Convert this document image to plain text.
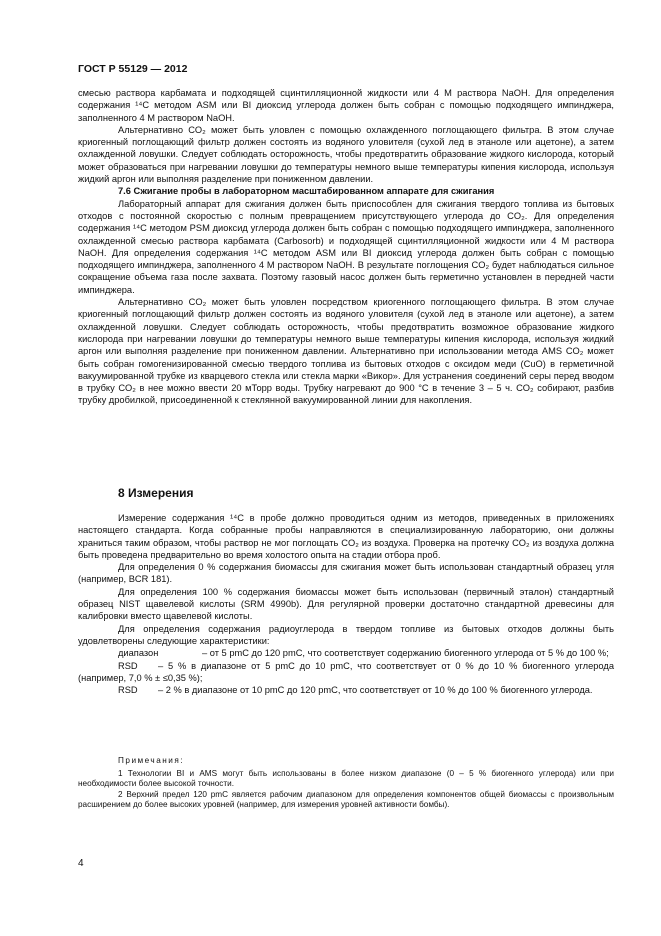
ГОСТ Р 55129 — 2012

смесью раствора карбамата и подходящей сцинтилляционной жидкости или 4 М раствора NaOH. Для определения содержания ¹⁴C методом ASM или BI диоксид углерода должен быть собран с помощью подходящего импинджера, заполненного 4 М раствором NaOH.

Альтернативно CO₂ может быть уловлен с помощью охлажденного поглощающего фильтра. В этом случае криогенный поглощающий фильтр должен состоять из водяного уловителя (сухой лед в этаноле или ацетоне), а затем охлажденной ловушки. Следует соблюдать осторожность, чтобы предотвратить образование жидкого кислорода, который может образоваться при нагревании ловушки до температуры немного выше температуры кипения кислорода, используя жидкий аргон или выполняя разделение при пониженном давлении.

7.6 Сжигание пробы в лабораторном масштабированном аппарате для сжигания

Лабораторный аппарат для сжигания должен быть приспособлен для сжигания твердого топлива из бытовых отходов с постоянной скоростью с полным превращением присутствующего углерода до CO₂. Для определения содержания ¹⁴C методом PSM диоксид углерода должен быть собран с помощью подходящего импинджера, заполненного охлажденной смесью раствора карбамата (Carbosorb) и подходящей сцинтилляционной жидкости или 4 М раствора NaOH. Для определения содержания ¹⁴C методом ASM или BI диоксид углерода должен быть собран с помощью подходящего импинджера, заполненного 4 М раствором NaOH. В результате поглощения CO₂ будет наблюдаться сильное сокращение объема газа после захвата. Поэтому газовый насос должен быть герметично установлен в передней части импинджера.

Альтернативно CO₂ может быть уловлен посредством криогенного поглощающего фильтра. В этом случае криогенный поглощающий фильтр должен состоять из водяного уловителя (сухой лед в этаноле или ацетоне), а затем охлажденной ловушки. Следует соблюдать осторожность, чтобы предотвратить возможное образование жидкого кислорода при нагревании ловушки до температуры немного выше температуры кипения кислорода, используя жидкий аргон или выполняя разделение при пониженном давлении. Альтернативно при использовании метода AMS CO₂ может быть собран гомогенизированной смесью твердого топлива из бытовых отходов с оксидом меди (CuO) в герметичной вакуумированной трубке из кварцевого стекла или стекла марки «Викор». Для устранения соединений серы перед вводом в трубку CO₂ в нее можно ввести 20 мТорр воды. Трубку нагревают до 900 °С в течение 3 – 5 ч. CO₂ собирают, разбив трубку дробилкой, присоединенной к стеклянной вакуумированной линии для накопления.

8 Измерения

Измерение содержания ¹⁴C в пробе должно проводиться одним из методов, приведенных в приложениях настоящего стандарта. Когда собранные пробы направляются в специализированную лабораторию, они должны храниться таким образом, чтобы раствор не мог поглощать CO₂ из воздуха. Проверка на протечку CO₂ из воздуха должна быть проведена предварительно во время холостого опыта на стадии отбора проб.

Для определения 0 % содержания биомассы для сжигания может быть использован стандартный образец угля (например, BCR 181).

Для определения 100 % содержания биомассы может быть использован (первичный эталон) стандартный образец NIST щавелевой кислоты (SRM 4990b). Для регулярной проверки достаточно стандартной древесины для калибровки вместо щавелевой кислоты.

Для определения содержания радиоуглерода в твердом топливе из бытовых отходов должны быть удовлетворены следующие характеристики:

диапазон	– от 5 pmC до 120 pmC, что соответствует содержанию биогенного углерода от 5 % до 100 %;

RSD – 5 % в диапазоне от 5 pmC до 10 pmC, что соответствует от 0 % до 10 % биогенного углерода (например, 7,0 % ± ≤0,35 %);

RSD – 2 % в диапазоне от 10 pmC до 120 pmC, что соответствует от 10 % до 100 % биогенного углерода.

Примечания:

1 Технологии BI и AMS могут быть использованы в более низком диапазоне (0 – 5 % биогенного углерода) или при необходимости более высокой точности.

2 Верхний предел 120 pmC является рабочим диапазоном для определения компонентов общей биомассы с произвольным расширением до более высоких уровней (например, для измерения уровней активности бомбы).

4
